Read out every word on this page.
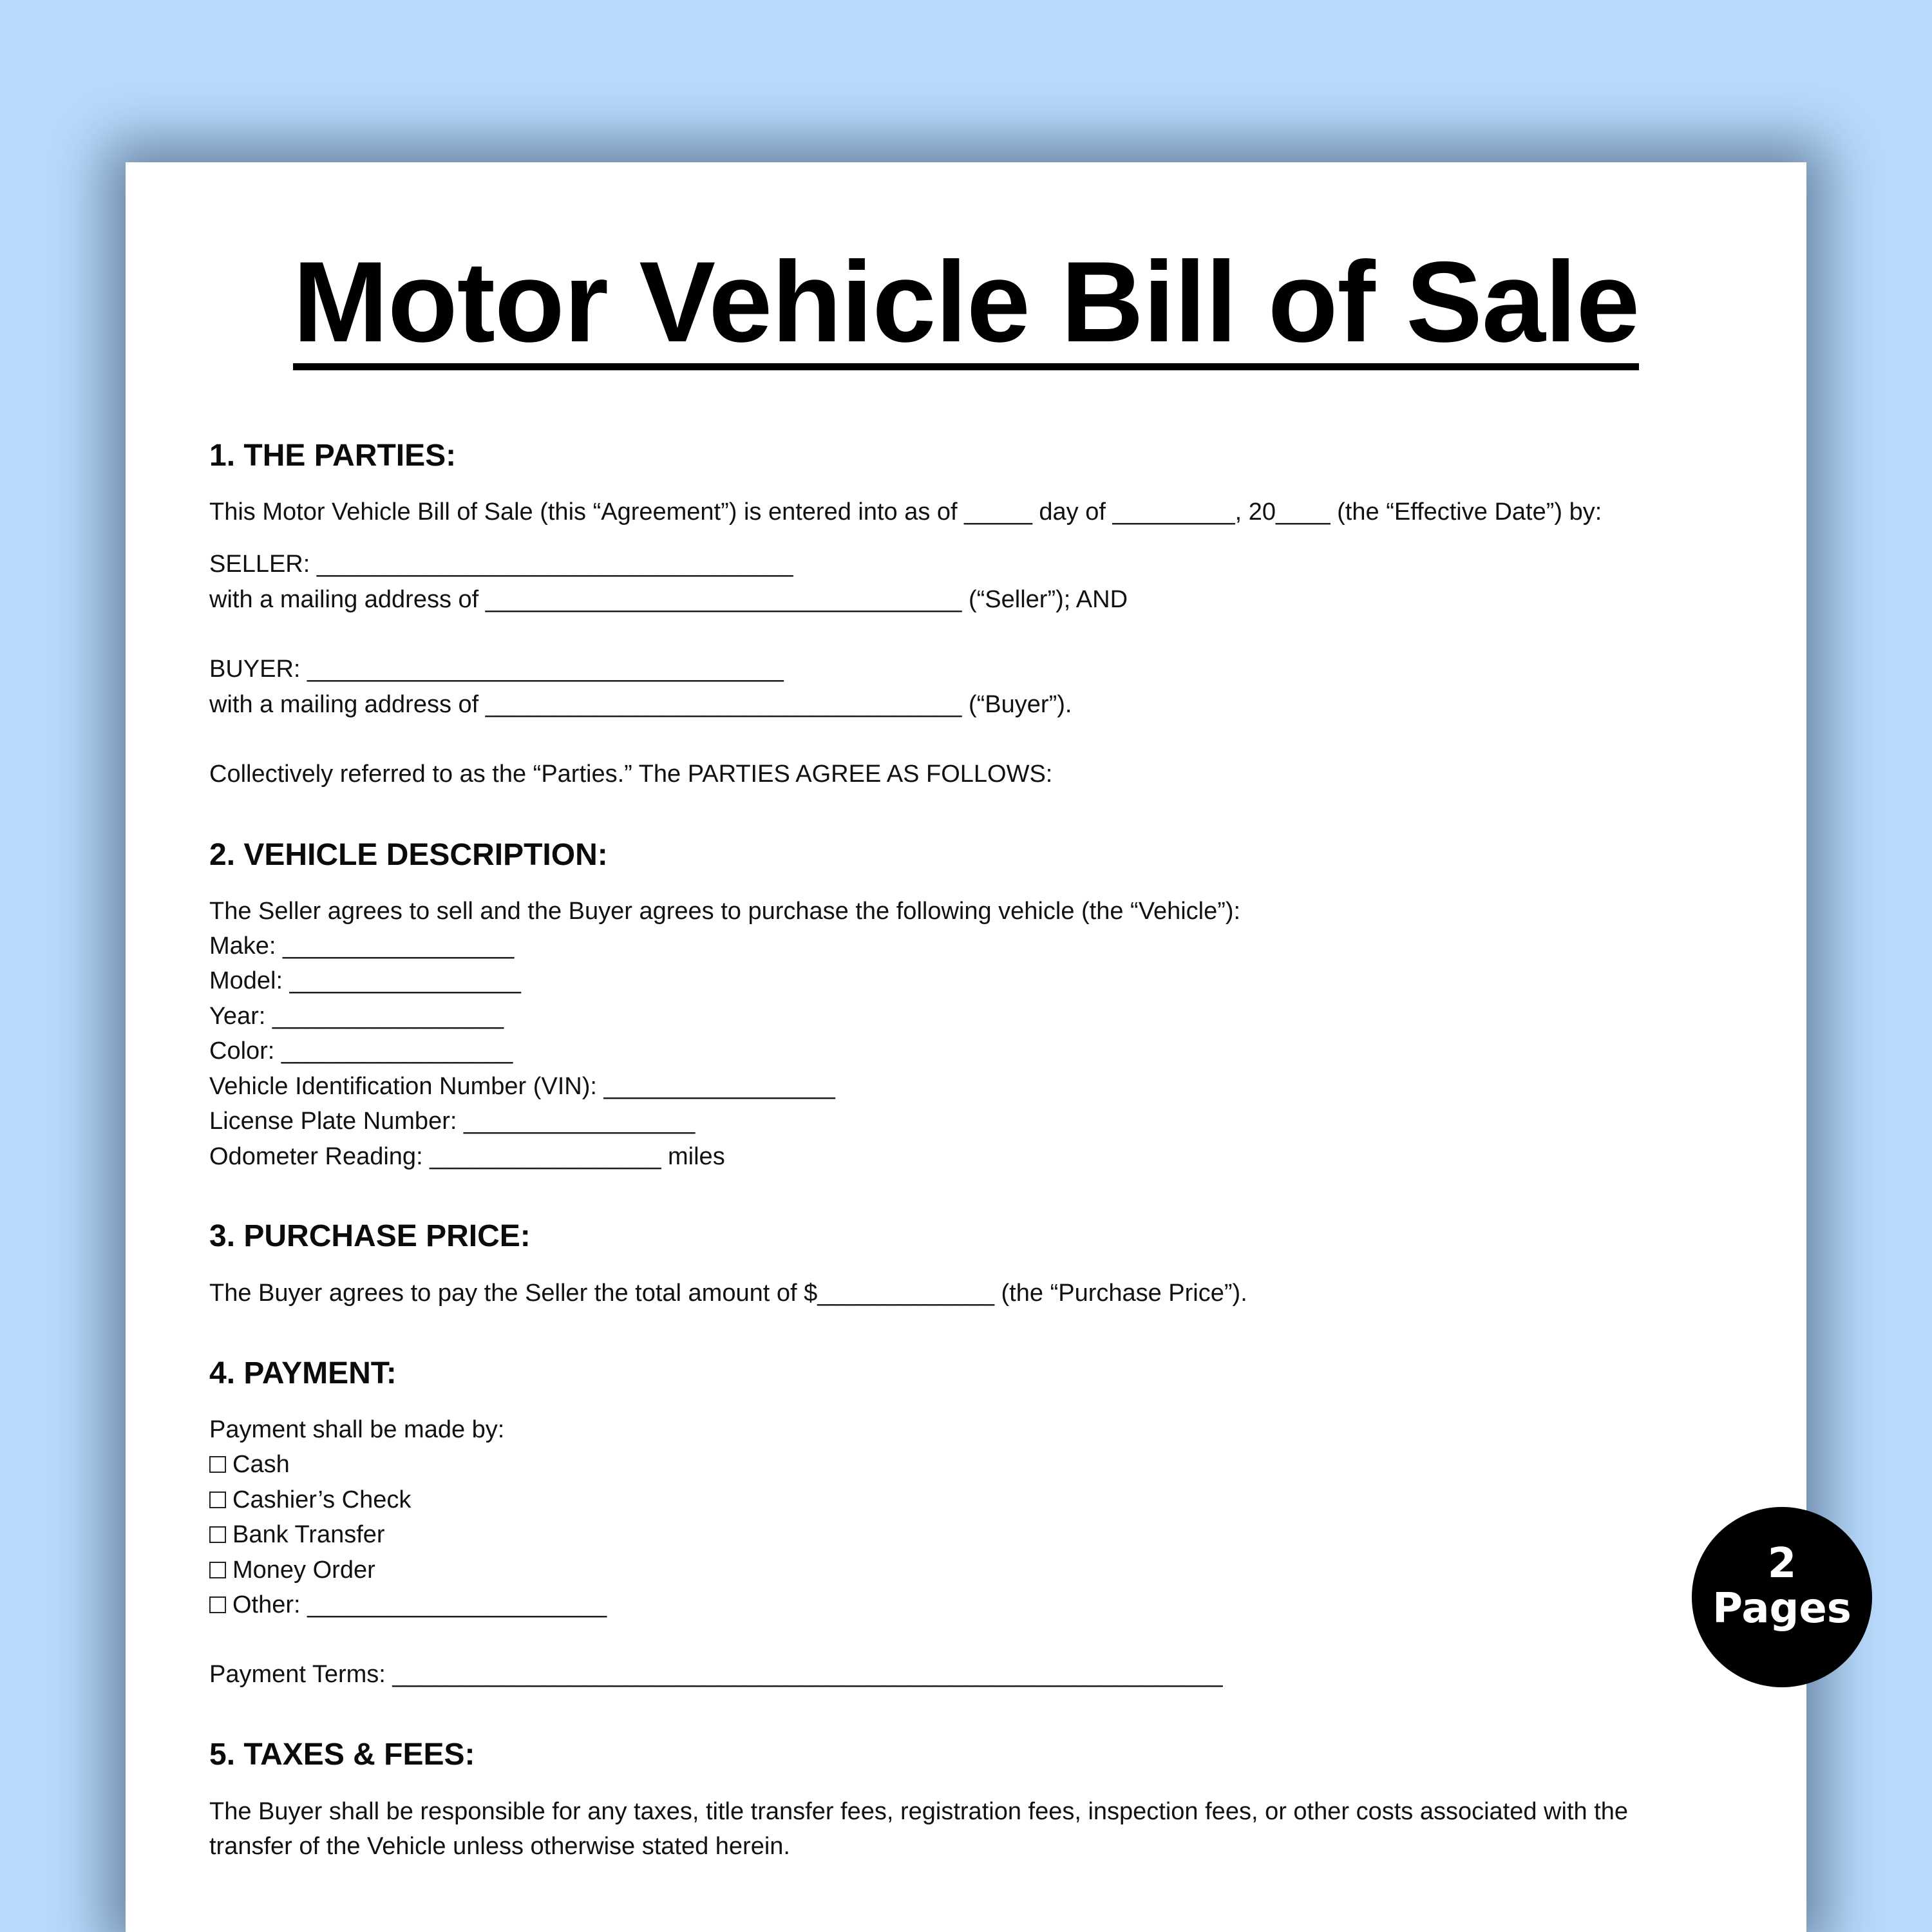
Motor Vehicle Bill of Sale
1. THE PARTIES:
This Motor Vehicle Bill of Sale (this “Agreement”) is entered into as of _____ day of _________, 20____ (the “Effective Date”) by:
SELLER: ___________________________________
with a mailing address of ___________________________________ (“Seller”); AND
BUYER: ___________________________________
with a mailing address of ___________________________________ (“Buyer”).
Collectively referred to as the “Parties.” The PARTIES AGREE AS FOLLOWS:
2. VEHICLE DESCRIPTION:
The Seller agrees to sell and the Buyer agrees to purchase the following vehicle (the “Vehicle”):
Make: _________________
Model: _________________
Year: _________________
Color: _________________
Vehicle Identification Number (VIN): _________________
License Plate Number: _________________
Odometer Reading: _________________ miles
3. PURCHASE PRICE:
The Buyer agrees to pay the Seller the total amount of $_____________ (the “Purchase Price”).
4. PAYMENT:
Payment shall be made by:
Cash
Cashier’s Check
Bank Transfer
Money Order
Other: ______________________
Payment Terms: _____________________________________________________________
5. TAXES & FEES:
The Buyer shall be responsible for any taxes, title transfer fees, registration fees, inspection fees, or other costs associated with the
transfer of the Vehicle unless otherwise stated herein.
2
Pages
